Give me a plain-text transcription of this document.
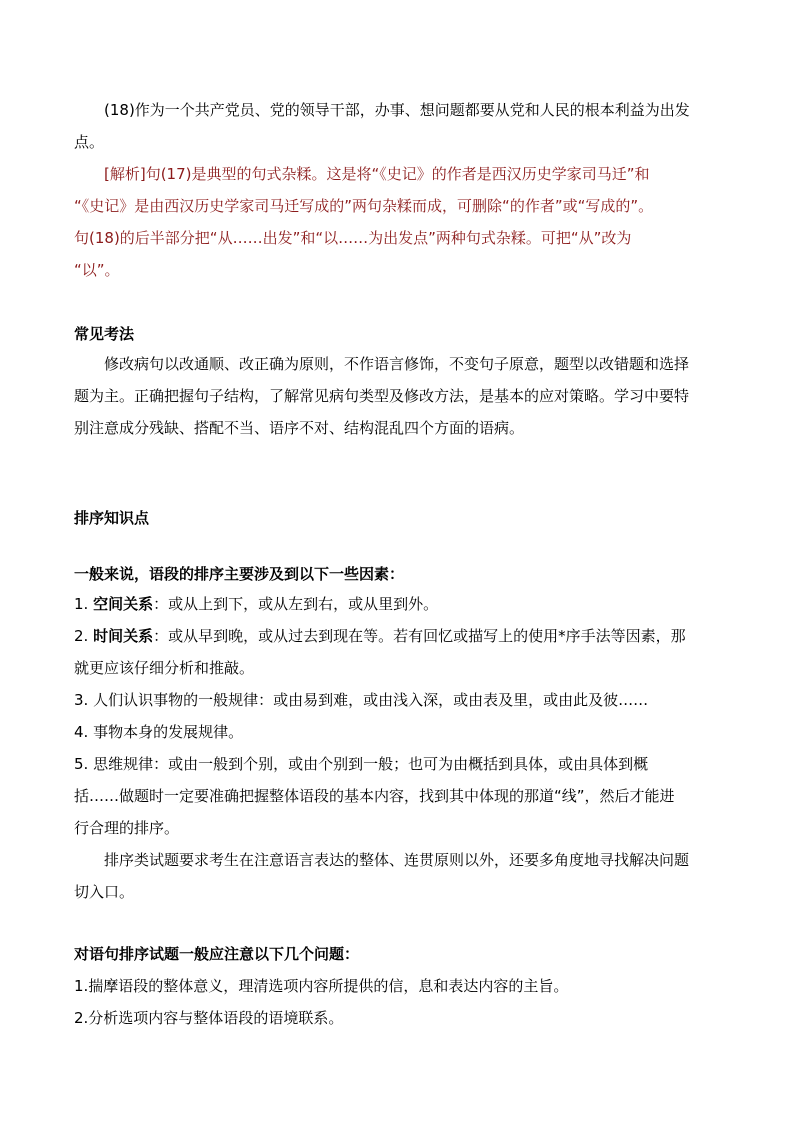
(18)作为一个共产党员、党的领导干部，办事、想问题都要从党和人民的根本利益为出发
点。
[解析]句(17)是典型的句式杂糅。这是将“《史记》的作者是西汉历史学家司马迁”和
“《史记》是由西汉历史学家司马迁写成的”两句杂糅而成，可删除“的作者”或“写成的”。
句(18)的后半部分把“从……出发”和“以……为出发点”两种句式杂糅。可把“从”改为
“以”。
常见考法
修改病句以改通顺、改正确为原则，不作语言修饰，不变句子原意，题型以改错题和选择
题为主。正确把握句子结构，了解常见病句类型及修改方法，是基本的应对策略。学习中要特
别注意成分残缺、搭配不当、语序不对、结构混乱四个方面的语病。
排序知识点
一般来说，语段的排序主要涉及到以下一些因素：
1. 空间关系：或从上到下，或从左到右，或从里到外。
2. 时间关系：或从早到晚，或从过去到现在等。若有回忆或描写上的使用*序手法等因素，那
就更应该仔细分析和推敲。
3. 人们认识事物的一般规律：或由易到难，或由浅入深，或由表及里，或由此及彼……
4. 事物本身的发展规律。
5. 思维规律：或由一般到个别，或由个别到一般；也可为由概括到具体，或由具体到概
括……做题时一定要准确把握整体语段的基本内容，找到其中体现的那道“线”，然后才能进
行合理的排序。
排序类试题要求考生在注意语言表达的整体、连贯原则以外，还要多角度地寻找解决问题
切入口。
对语句排序试题一般应注意以下几个问题：
1.揣摩语段的整体意义，理清选项内容所提供的信，息和表达内容的主旨。
2.分析选项内容与整体语段的语境联系。
